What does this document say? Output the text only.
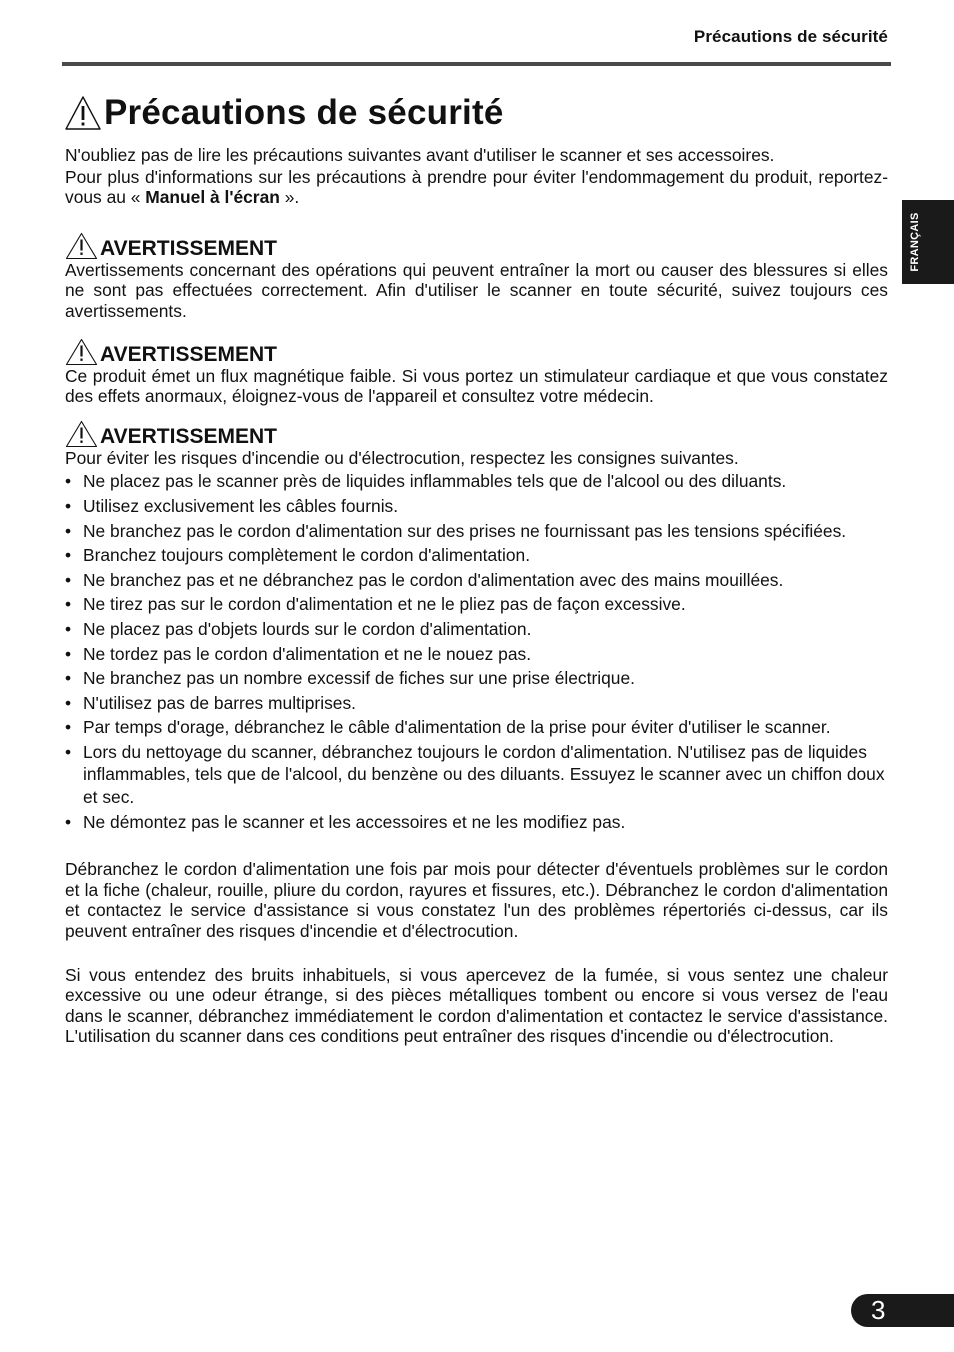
Précautions de sécurité
FRANÇAIS
Précautions de sécurité

N'oubliez pas de lire les précautions suivantes avant d'utiliser le scanner et ses accessoires.

Pour plus d'informations sur les précautions à prendre pour éviter l'endommagement du produit, reportez-vous au « Manuel à l'écran ».

AVERTISSEMENT

Avertissements concernant des opérations qui peuvent entraîner la mort ou causer des blessures si elles ne sont pas effectuées correctement. Afin d'utiliser le scanner en toute sécurité, suivez toujours ces avertissements.

AVERTISSEMENT

Ce produit émet un flux magnétique faible. Si vous portez un stimulateur cardiaque et que vous constatez des effets anormaux, éloignez-vous de l'appareil et consultez votre médecin.

AVERTISSEMENT

Pour éviter les risques d'incendie ou d'électrocution, respectez les consignes suivantes.

• Ne placez pas le scanner près de liquides inflammables tels que de l'alcool ou des diluants.
• Utilisez exclusivement les câbles fournis.
• Ne branchez pas le cordon d'alimentation sur des prises ne fournissant pas les tensions spécifiées.
• Branchez toujours complètement le cordon d'alimentation.
• Ne branchez pas et ne débranchez pas le cordon d'alimentation avec des mains mouillées.
• Ne tirez pas sur le cordon d'alimentation et ne le pliez pas de façon excessive.
• Ne placez pas d'objets lourds sur le cordon d'alimentation.
• Ne tordez pas le cordon d'alimentation et ne le nouez pas.
• Ne branchez pas un nombre excessif de fiches sur une prise électrique.
• N'utilisez pas de barres multiprises.
• Par temps d'orage, débranchez le câble d'alimentation de la prise pour éviter d'utiliser le scanner.
• Lors du nettoyage du scanner, débranchez toujours le cordon d'alimentation. N'utilisez pas de liquides inflammables, tels que de l'alcool, du benzène ou des diluants. Essuyez le scanner avec un chiffon doux et sec.
• Ne démontez pas le scanner et les accessoires et ne les modifiez pas.

Débranchez le cordon d'alimentation une fois par mois pour détecter d'éventuels problèmes sur le cordon et la fiche (chaleur, rouille, pliure du cordon, rayures et fissures, etc.). Débranchez le cordon d'alimentation et contactez le service d'assistance si vous constatez l'un des problèmes répertoriés ci-dessus, car ils peuvent entraîner des risques d'incendie et d'électrocution.

Si vous entendez des bruits inhabituels, si vous apercevez de la fumée, si vous sentez une chaleur excessive ou une odeur étrange, si des pièces métalliques tombent ou encore si vous versez de l'eau dans le scanner, débranchez immédiatement le cordon d'alimentation et contactez le service d'assistance. L'utilisation du scanner dans ces conditions peut entraîner des risques d'incendie ou d'électrocution.

3
